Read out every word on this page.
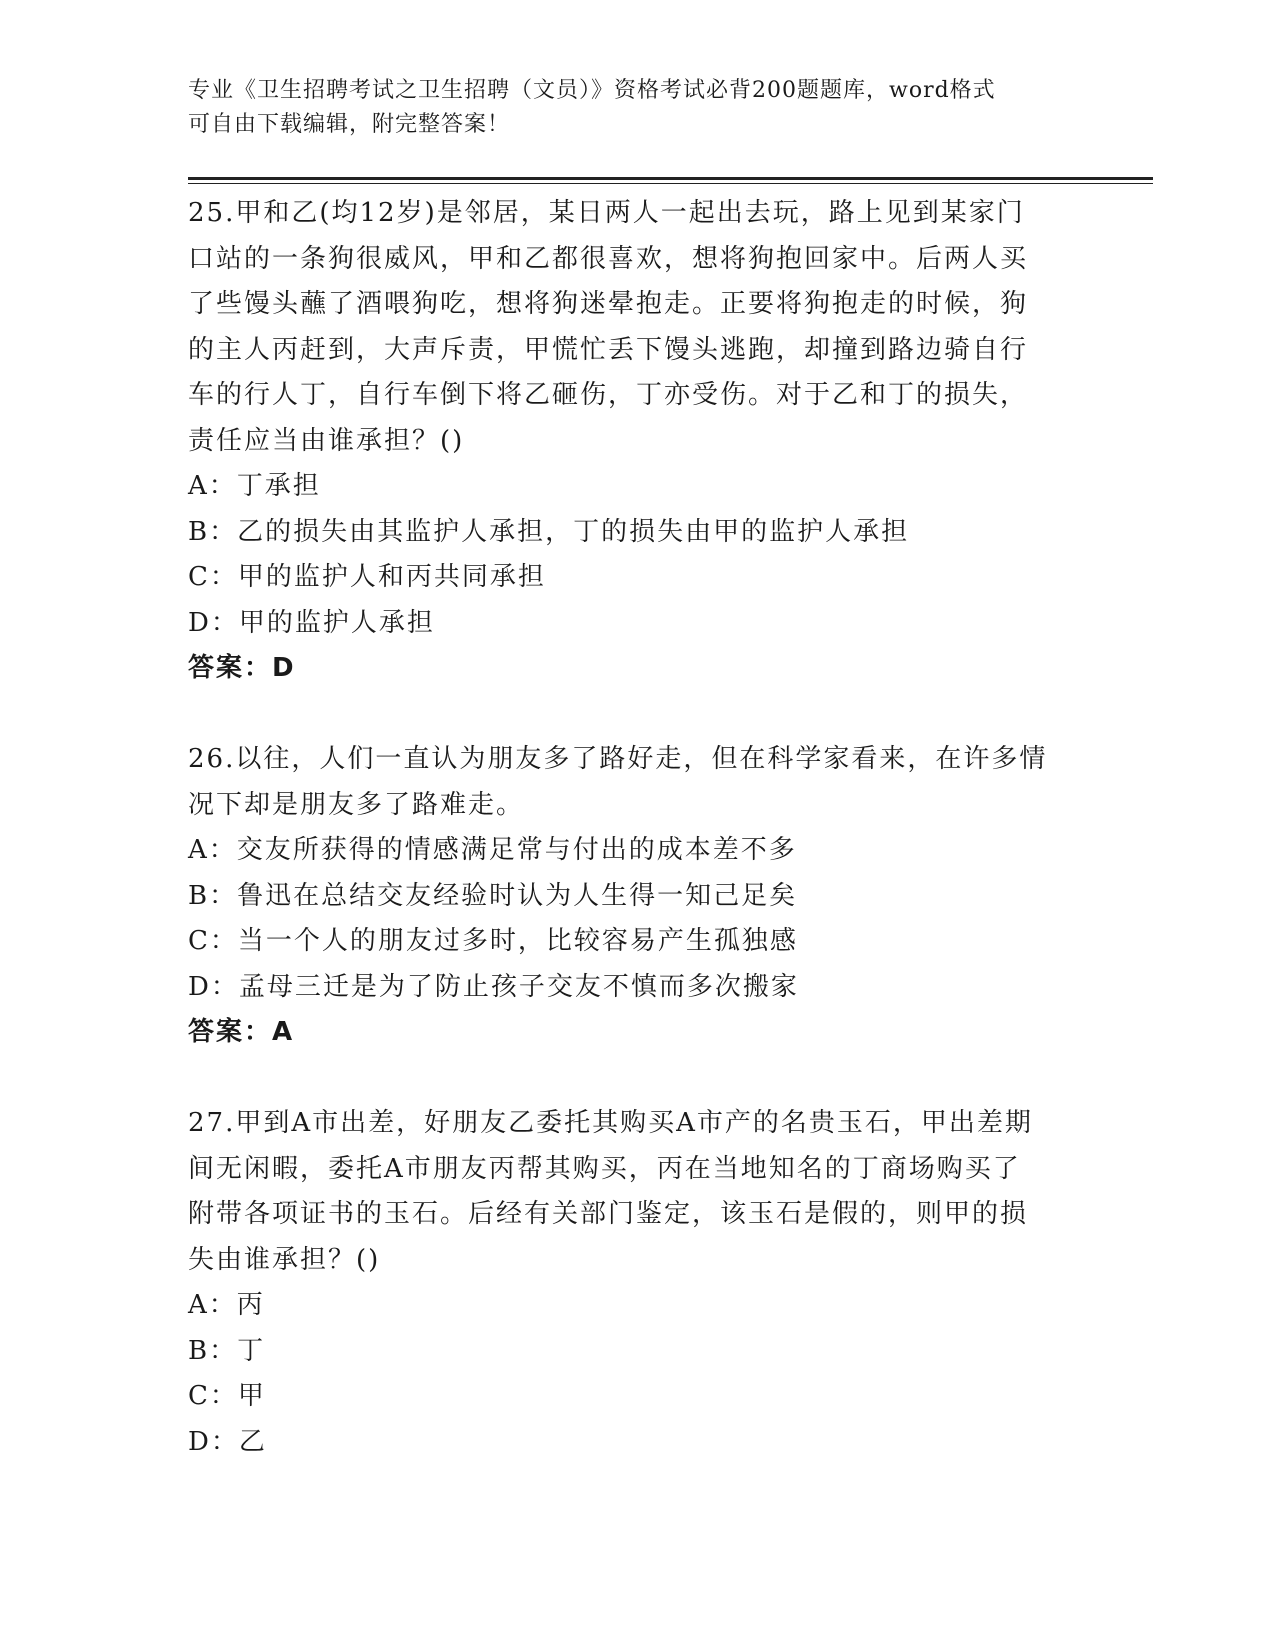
专业《卫生招聘考试之卫生招聘（文员）》资格考试必背200题题库，word格式
可自由下载编辑，附完整答案！

25.甲和乙(均12岁)是邻居，某日两人一起出去玩，路上见到某家门

口站的一条狗很威风，甲和乙都很喜欢，想将狗抱回家中。后两人买

了些馒头蘸了酒喂狗吃，想将狗迷晕抱走。正要将狗抱走的时候，狗

的主人丙赶到，大声斥责，甲慌忙丢下馒头逃跑，却撞到路边骑自行

车的行人丁，自行车倒下将乙砸伤，丁亦受伤。对于乙和丁的损失，

责任应当由谁承担？()

A：丁承担

B：乙的损失由其监护人承担，丁的损失由甲的监护人承担

C：甲的监护人和丙共同承担

D：甲的监护人承担

答案：D

26.以往，人们一直认为朋友多了路好走，但在科学家看来，在许多情

况下却是朋友多了路难走。

A：交友所获得的情感满足常与付出的成本差不多

B：鲁迅在总结交友经验时认为人生得一知己足矣

C：当一个人的朋友过多时，比较容易产生孤独感

D：孟母三迁是为了防止孩子交友不慎而多次搬家

答案：A

27.甲到A市出差，好朋友乙委托其购买A市产的名贵玉石，甲出差期

间无闲暇，委托A市朋友丙帮其购买，丙在当地知名的丁商场购买了

附带各项证书的玉石。后经有关部门鉴定，该玉石是假的，则甲的损

失由谁承担？()

A：丙

B：丁

C：甲

D：乙
